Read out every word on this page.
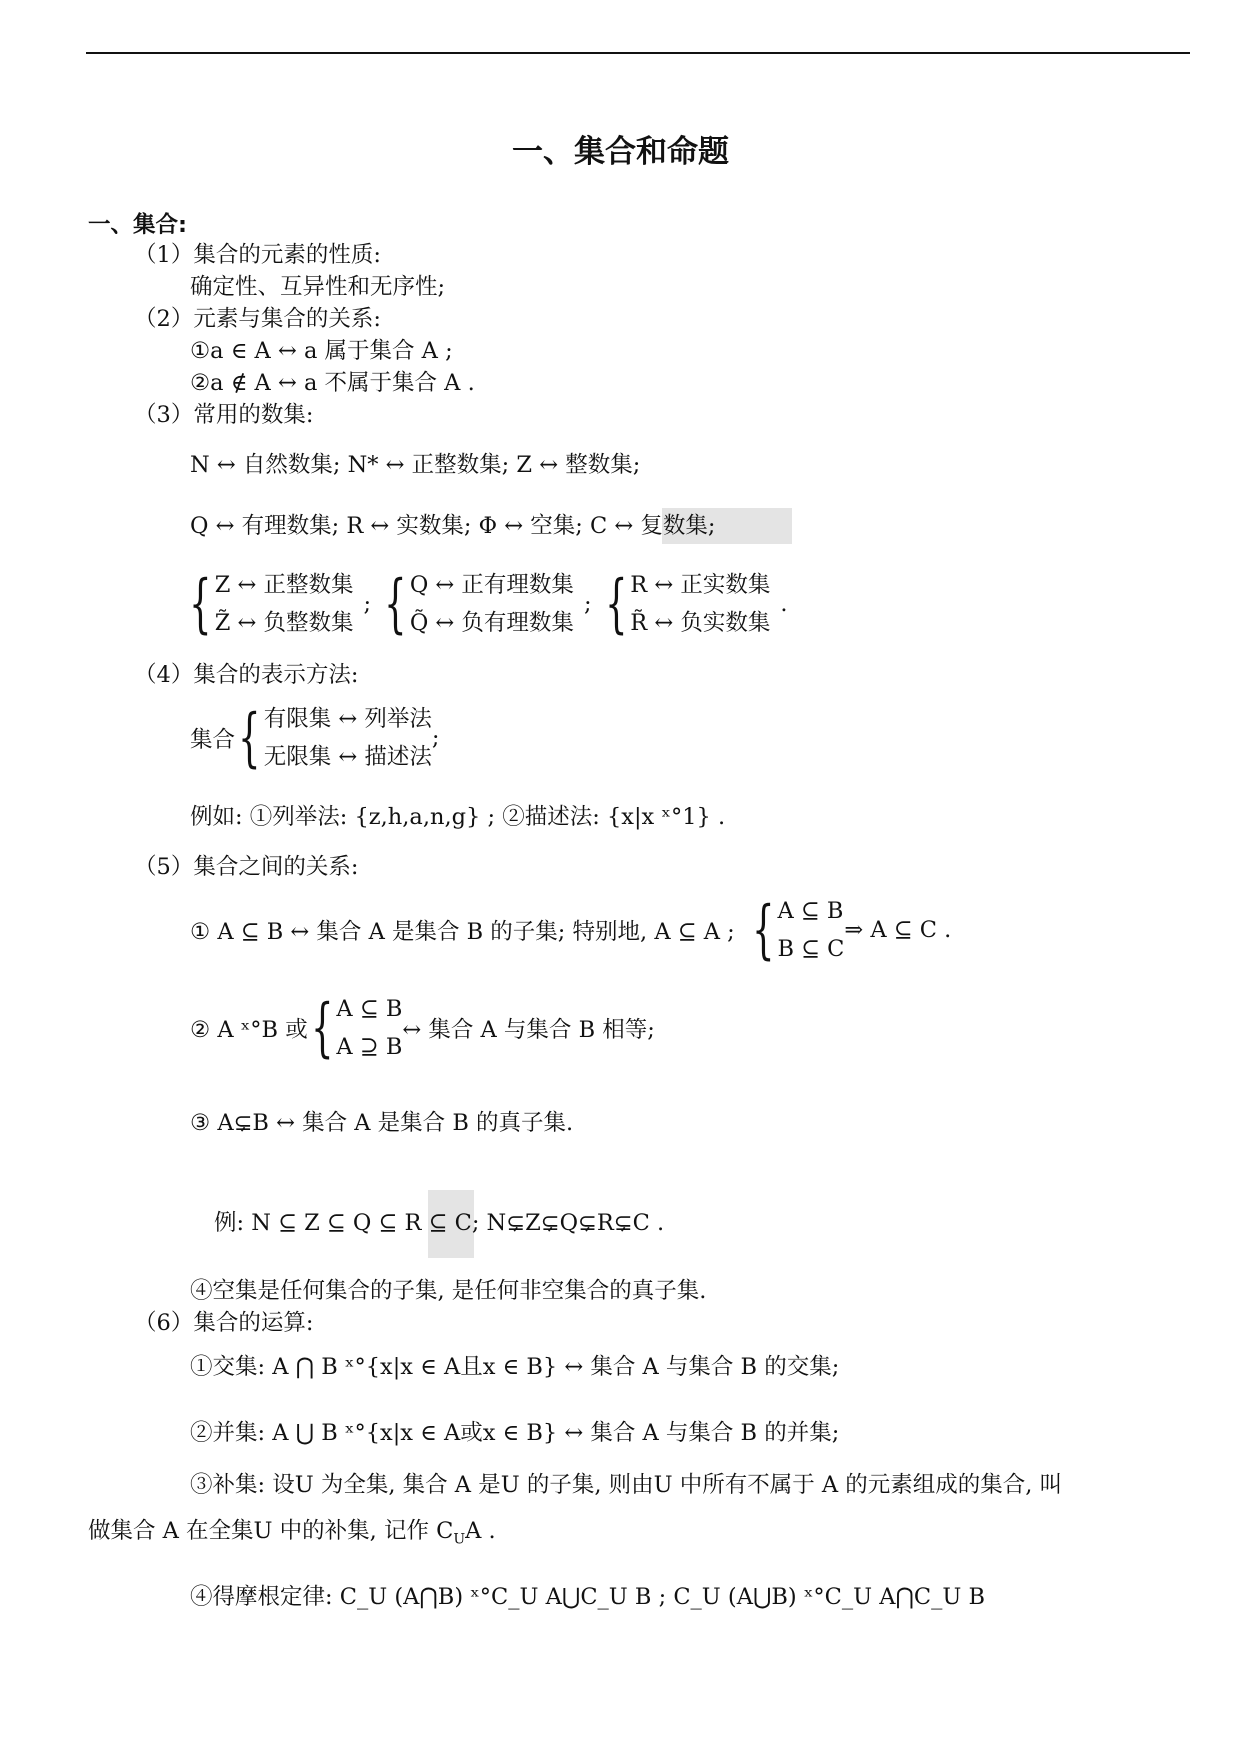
一、集合和命题
一、集合:
（1）集合的元素的性质:
确定性、互异性和无序性;
（2）元素与集合的关系:
①a ∈ A ↔ a 属于集合 A ;
②a ∉ A ↔ a 不属于集合 A .
（3）常用的数集:
N ↔ 自然数集; N* ↔ 正整数集; Z ↔ 整数集;
Q ↔ 有理数集; R ↔ 实数集; Φ ↔ 空集; C ↔ 复数集;
{ Z ↔ 正整数集
Z̃ ↔ 负整数集
; { Q ↔ 正有理数集
Q̃ ↔ 负有理数集
; { R ↔ 正实数集
R̃ ↔ 负实数集
.
（4）集合的表示方法:
集合 { 有限集 ↔ 列举法
无限集 ↔ 描述法
;
例如: ①列举法: {z,h,a,n,g} ; ②描述法: {x|x ˣ°1} .
（5）集合之间的关系:
① A ⊆ B ↔ 集合 A 是集合 B 的子集; 特别地, A ⊆ A ; { A ⊆ B
B ⊆ C
⇒ A ⊆ C .
② A ˣ°B 或 { A ⊆ B
A ⊇ B
↔ 集合 A 与集合 B 相等;
③ A⊊B ↔ 集合 A 是集合 B 的真子集.
例: N ⊆ Z ⊆ Q ⊆ R ⊆ C; N⊊Z⊊Q⊊R⊊C .
④空集是任何集合的子集, 是任何非空集合的真子集.
（6）集合的运算:
①交集: A ⋂ B ˣ°{x|x ∈ A且x ∈ B} ↔ 集合 A 与集合 B 的交集;
②并集: A ⋃ B ˣ°{x|x ∈ A或x ∈ B} ↔ 集合 A 与集合 B 的并集;
③补集: 设U 为全集, 集合 A 是U 的子集, 则由U 中所有不属于 A 的元素组成的集合, 叫
做集合 A 在全集U 中的补集, 记作 $C_UA$ .
④得摩根定律: C_U (A⋂B) ˣ°C_U A⋃C_U B ; C_U (A⋃B) ˣ°C_U A⋂C_U B
